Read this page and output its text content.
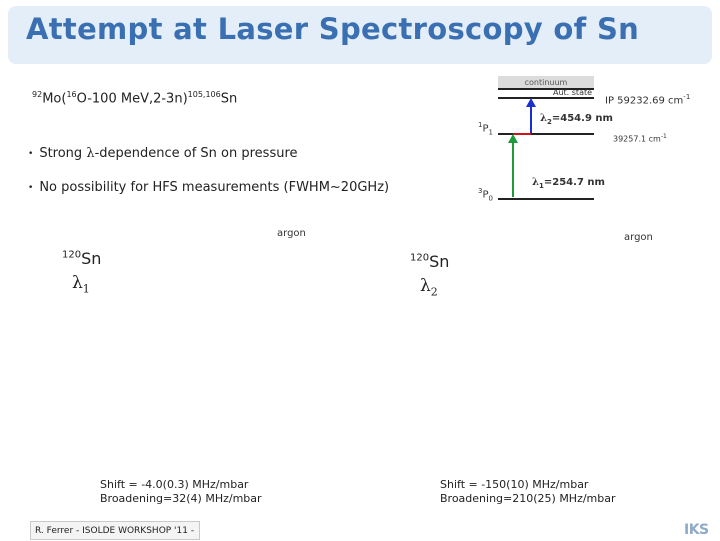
Attempt at Laser Spectroscopy of Sn
$^{92}$Mo($^{16}$O-100 MeV,2-3n)$^{105,106}$Sn
• Strong λ-dependence of Sn on pressure
• No possibility for HFS measurements (FWHM~20GHz)
continuum
Aut. state
IP 59232.69 $cm^{-1}$
$\lambda_2=454.9$ nm
$^1P_1$
39257.1 $cm^{-1}$
$\lambda_1=254.7$ nm
$^3P_0$
argon	argon
$^{120}$Sn
$\lambda_1$
Shift = -4.0(0.3) MHz/mbar
Broadening=32(4) MHz/mbar
$^{120}$Sn
$\lambda_2$
Shift = -150(10) MHz/mbar
Broadening=210(25) MHz/mbar
R. Ferrer - ISOLDE WORKSHOP '11 -	IKS
